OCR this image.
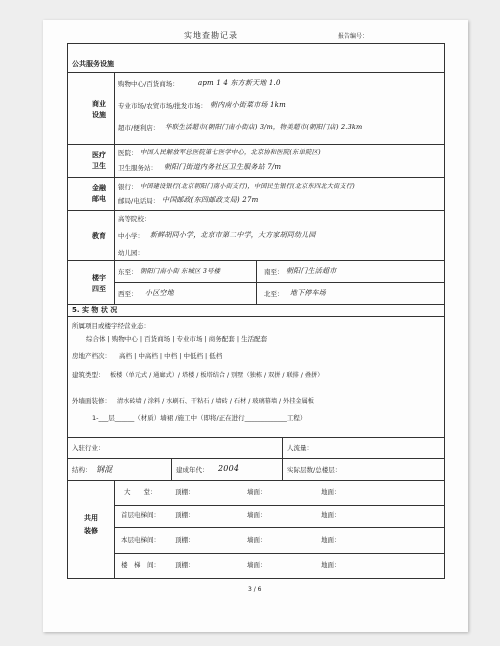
实地查勘记录	报告编号：
公共服务设施
商业设施
购物中心/百货商场：	apm 1 4 东方新天地 1.0
专业市场/农贸市场/批发市场： 朝内南小街菜市场 1km
超市/便利店： 华联生活超市(朝阳门南小街店) 3/m，物美超市(朝阳门店) 2.3km
医疗卫生
医院： 中国人民解放军总医院第七医学中心，北京协和医院(东单院区)
卫生服务站： 朝阳门街道内务社区卫生服务站 7/m
金融邮电
银行： 中国建设银行(北京朝阳门南小街支行)，中国民生银行(北京东四北大街支行)
邮局/电话局： 中国邮政(东四邮政支局) 27m
教育
高等院校：
中小学： 新鲜胡同小学，北京市第二中学，大方家胡同幼儿园
幼儿园：
楼宇四至
东至： 朝阳门南小街 东城区 3号楼	南至： 朝阳门生活超市
西至： 小区空地	北至： 地下停车场
5. 实 物 状 况
所属项目或楼宇经营业态：
综合体 | 购物中心 | 百货商场 | 专业市场 | 商务配套 | 生活配套
房地产档次： 高档 | 中高档 | 中档 | 中低档 | 低档
建筑类型： 板楼（单元式 / 通廊式）/ 塔楼 / 板塔结合 / 别墅（独栋 / 双拼 / 联排 / 叠拼）
外墙面装修： 清水砖墙 / 涂料 / 水刷石、干粘石 / 墙砖 / 石材 / 玻璃幕墙 / 外挂金属板
1-___层______（材质）墙裙 /施工中（即将/正在进行_____________工程）
入驻行业：	人流量：
结构： 钢混	建成年代： 2004	实际层数/总楼层：
共用装修
大　　堂：	顶棚：	墙面：	地面：
首层电梯间： 顶棚：	墙面：	地面：
本层电梯间： 顶棚：	墙面：	地面：
楼　梯　间： 顶棚：	墙面：	地面：
3 / 6
